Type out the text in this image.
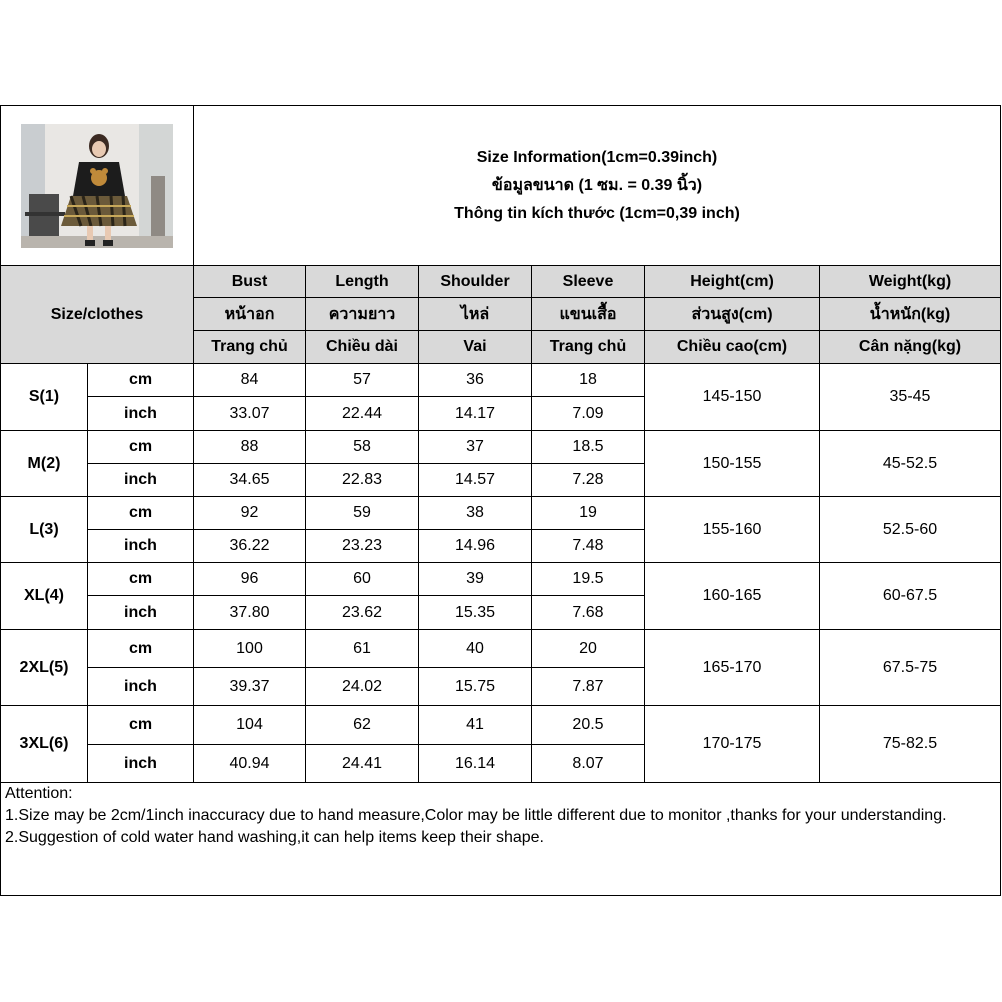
Size Information(1cm=0.39inch)
ข้อมูลขนาด (1 ซม. = 0.39 นิ้ว)
Thông tin kích thước (1cm=0,39 inch)					

Size/clothes		Bust	Length	Shoulder	Sleeve	Height(cm)	Weight(kg)
		หน้าอก	ความยาว	ไหล่	แขนเสื้อ	ส่วนสูง(cm)	น้ำหนัก(kg)
		Trang chủ	Chiều dài	Vai	Trang chủ	Chiều cao(cm)	Cân nặng(kg)
S(1)	cm	84	57	36	18	145-150	35-45
	inch	33.07	22.44	14.17	7.09		
M(2)	cm	88	58	37	18.5	150-155	45-52.5
	inch	34.65	22.83	14.57	7.28		
L(3)	cm	92	59	38	19	155-160	52.5-60
	inch	36.22	23.23	14.96	7.48		
XL(4)	cm	96	60	39	19.5	160-165	60-67.5
	inch	37.80	23.62	15.35	7.68		
2XL(5)	cm	100	61	40	20	165-170	67.5-75
	inch	39.37	24.02	15.75	7.87		
3XL(6)	cm	104	62	41	20.5	170-175	75-82.5
	inch	40.94	24.41	16.14	8.07		

Attention:
1.Size may be 2cm/1inch inaccuracy due to hand measure,Color may be little different due to monitor ,thanks for your understanding.
2.Suggestion of cold water hand washing,it can help items keep their shape.							
